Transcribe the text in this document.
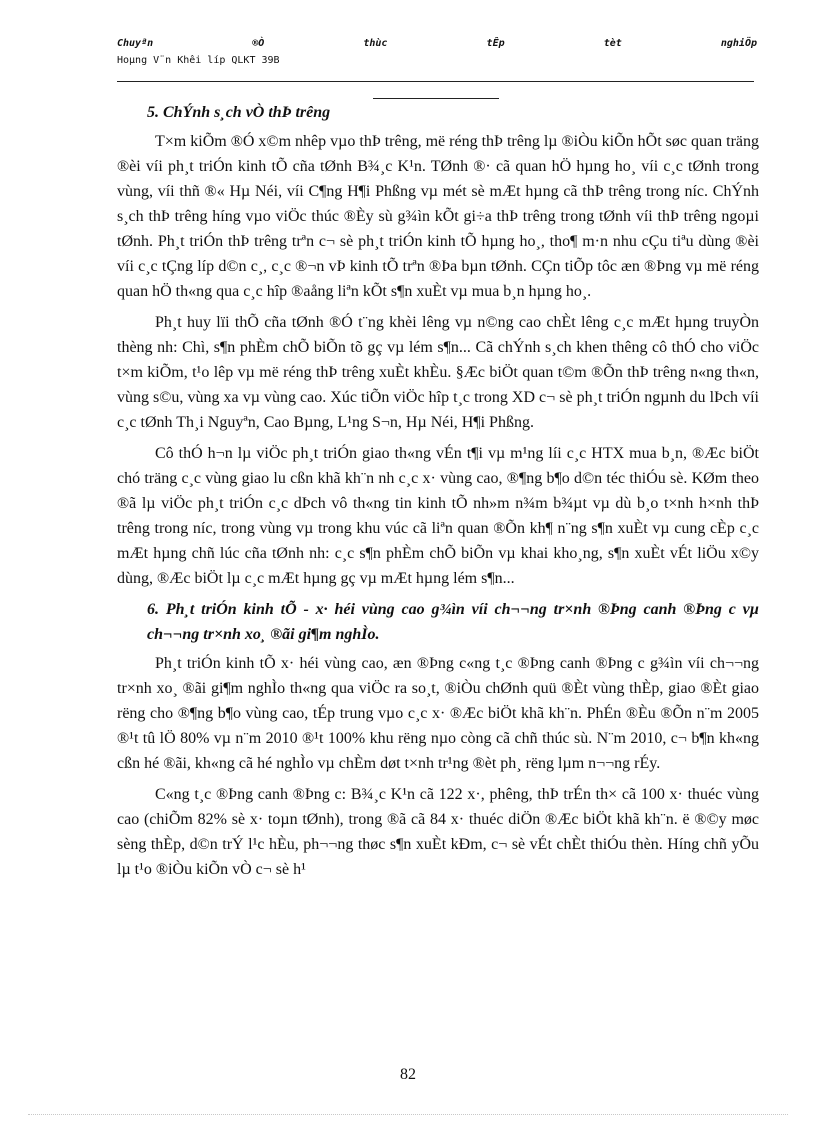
Chuyªn	®Ò	thùc	tÊp	tèt	nghiÖp
Hoµng V¨n Khêi líp QLKT 39B

5. ChÝnh s¸ch vÒ thÞ trêng

T×m kiÕm ®Ó x©m nhêp vµo thÞ trêng, më réng thÞ trêng lµ ®iÒu kiÕn hÕt søc quan träng ®èi víi ph¸t triÓn kinh tÕ cña tØnh B¾¸c K¹n. TØnh ®· cã quan hÖ hµng ho¸ víi c¸c tØnh trong vùng, víi thñ ®« Hµ Néi, víi C¶ng H¶i Phßng vµ mét sè mÆt hµng cã thÞ trêng trong níc. ChÝnh s¸ch thÞ trêng híng vµo viÖc thúc ®Èy sù g¾ìn kÕt gi÷a thÞ trêng trong tØnh víi thÞ trêng ngoµi tØnh. Ph¸t triÓn thÞ trêng trªn c¬ sè ph¸t triÓn kinh tÕ hµng ho¸, tho¶ m·n nhu cÇu tiªu dùng ®èi víi c¸c tÇng líp d©n c¸, c¸c ®¬n vÞ kinh tÕ trªn ®Þa bµn tØnh. CÇn tiÕp tôc æn ®Þng vµ më réng quan hÖ th«ng qua c¸c hîp ®aång liªn kÕt s¶n xuÈt vµ mua b¸n hµng ho¸.

Ph¸t huy lïi thÕ cña tØnh ®Ó t¨ng khèi lêng vµ n©ng cao chÈt lêng c¸c mÆt hµng truyÒn thèng nh: Chì, s¶n phÈm chÕ biÕn tõ gç vµ lém s¶n... Cã chÝnh s¸ch khen thêng cô thÓ cho viÖc t×m kiÕm, t¹o lêp vµ më réng thÞ trêng xuÈt khÈu. §Æc biÖt quan t©m ®Õn thÞ trêng n«ng th«n, vùng s©u, vùng xa vµ vùng cao. Xúc tiÕn viÖc hîp t¸c trong XD c¬ sè ph¸t triÓn ngµnh du lÞch víi c¸c tØnh Th¸i Nguyªn, Cao Bµng, L¹ng S¬n, Hµ Néi, H¶i Phßng.

Cô thÓ h¬n lµ viÖc ph¸t triÓn giao th«ng vÉn t¶i vµ m¹ng líi c¸c HTX mua b¸n, ®Æc biÖt chó träng c¸c vùng giao lu cßn khã kh¨n nh c¸c x· vùng cao, ®¶ng b¶o d©n téc thiÓu sè. KØm theo ®ã lµ viÖc ph¸t triÓn c¸c dÞch vô th«ng tin kinh tÕ nh»m n¾m b¾µt vµ dù b¸o t×nh h×nh thÞ trêng trong níc, trong vùng vµ trong khu vúc cã liªn quan ®Õn kh¶ n¨ng s¶n xuÈt vµ cung cÈp c¸c mÆt hµng chñ lúc cña tØnh nh: c¸c s¶n phÈm chÕ biÕn vµ khai kho¸ng, s¶n xuÈt vÉt liÖu x©y dùng, ®Æc biÖt lµ c¸c mÆt hµng gç vµ mÆt hµng lém s¶n...

6. Ph¸t triÓn kinh tÕ - x· héi vùng cao g¾ìn víi ch¬¬ng tr×nh ®Þng canh ®Þng c vµ ch¬¬ng tr×nh xo¸ ®ãi gi¶m nghÌo.

Ph¸t triÓn kinh tÕ x· héi vùng cao, æn ®Þng c«ng t¸c ®Þng canh ®Þng c g¾ìn víi ch¬¬ng tr×nh xo¸ ®ãi gi¶m nghÌo th«ng qua viÖc ra so¸t, ®iÒu chØnh quü ®Èt vùng thÈp, giao ®Èt giao rëng cho ®¶ng b¶o vùng cao, tÉp trung vµo c¸c x· ®Æc biÖt khã kh¨n. PhÉn ®Èu ®Õn n¨m 2005 ®¹t tû lÖ 80% vµ n¨m 2010 ®¹t 100% khu rëng nµo còng cã chñ thúc sù. N¨m 2010, c¬ b¶n kh«ng cßn hé ®ãi, kh«ng cã hé nghÌo vµ chÈm døt t×nh tr¹ng ®èt ph¸ rëng lµm n¬¬ng rÉy.

C«ng t¸c ®Þng canh ®Þng c: B¾¸c K¹n cã 122 x·, phêng, thÞ trÉn th× cã 100 x· thuéc vùng cao (chiÕm 82% sè x· toµn tØnh), trong ®ã cã 84 x· thuéc diÖn ®Æc biÖt khã kh¨n. ë ®©y møc sèng thÈp, d©n trÝ l¹c hÈu, ph¬¬ng thøc s¶n xuÈt kÐm, c¬ sè vÉt chÈt thiÓu thèn. Híng chñ yÕu lµ t¹o ®iÒu kiÕn vÒ c¬ sè h¹

82
